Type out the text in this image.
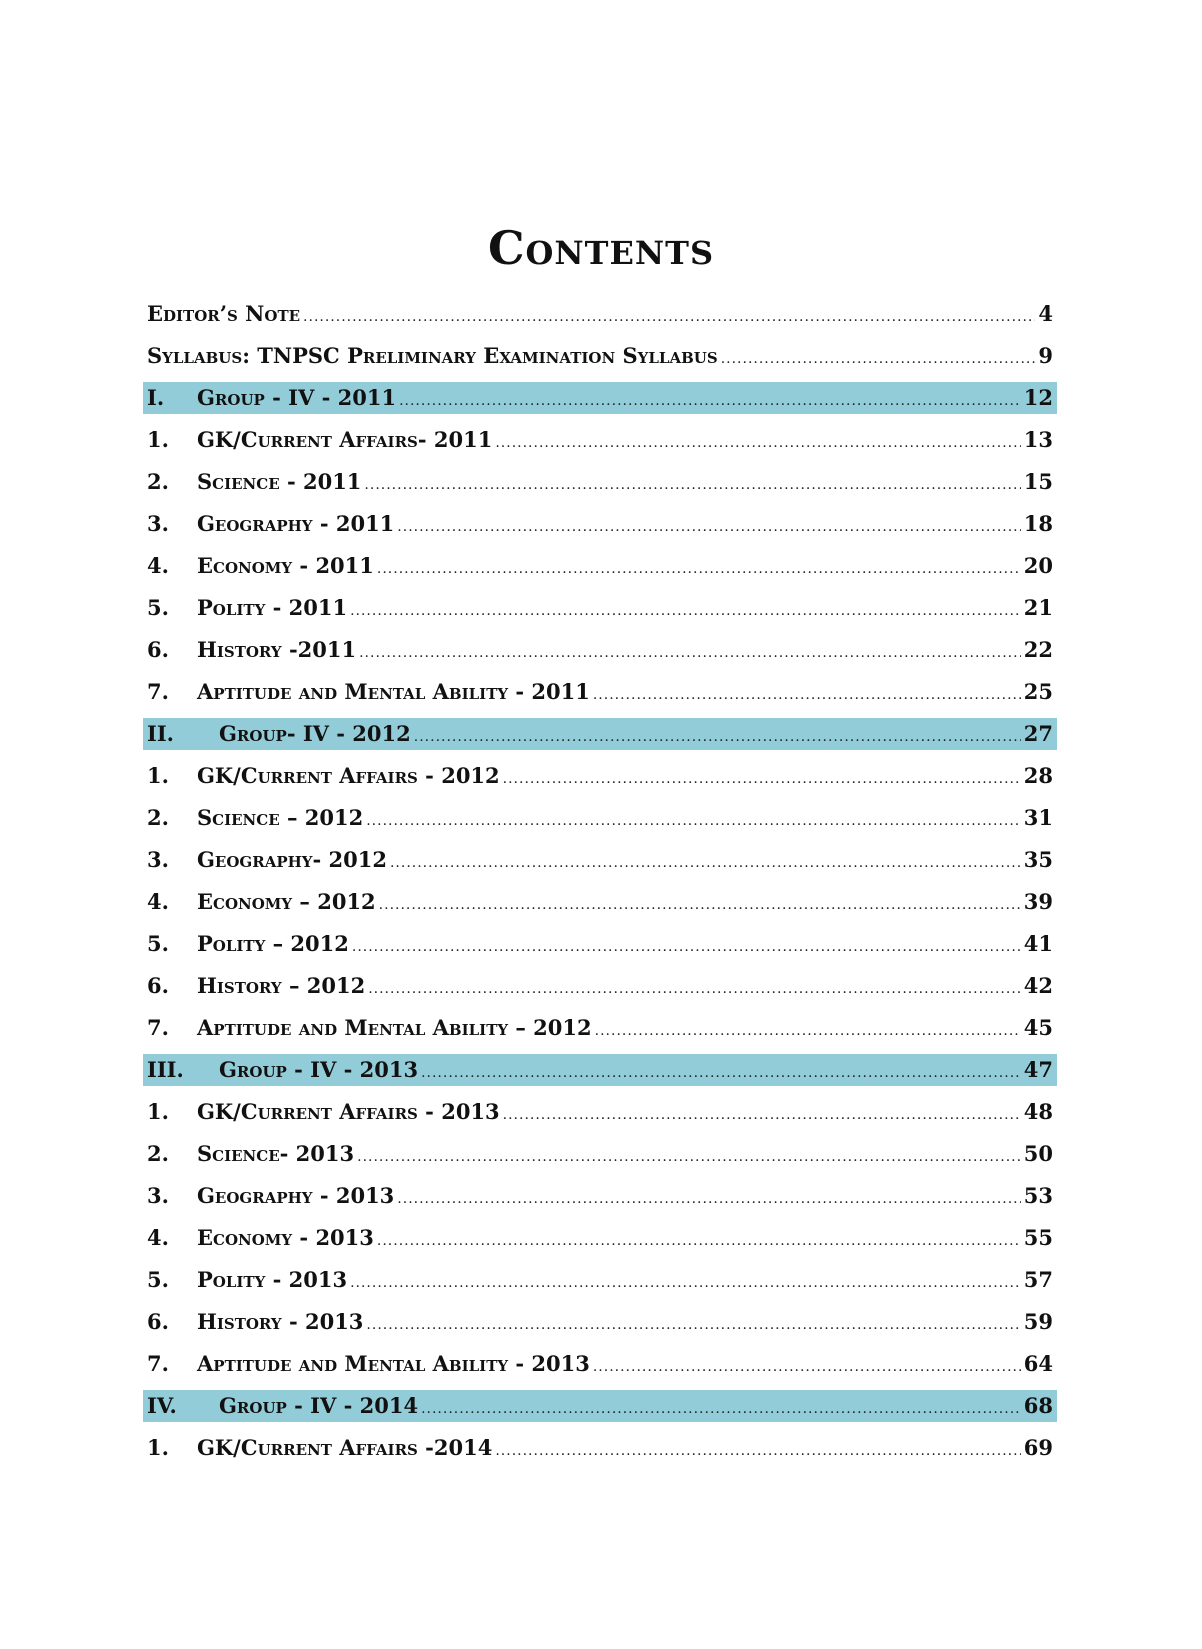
Contents
Editor’s Note .....	4
Syllabus: TNPSC Preliminary Examination Syllabus .....	9
I.	Group - IV - 2011 .....	12
1.	GK/Current Affairs- 2011 .....	13
2.	Science - 2011 .....	15
3.	Geography - 2011 .....	18
4.	Economy - 2011 .....	20
5.	Polity - 2011 .....	21
6.	History -2011 .....	22
7.	Aptitude and Mental Ability - 2011 .....	25
II.	Group- IV - 2012 .....	27
1.	GK/Current Affairs - 2012 .....	28
2.	Science – 2012 .....	31
3.	Geography- 2012 .....	35
4.	Economy – 2012 .....	39
5.	Polity – 2012 .....	41
6.	History – 2012 .....	42
7.	Aptitude and Mental Ability – 2012 .....	45
III.	Group - IV - 2013 .....	47
1.	GK/Current Affairs - 2013 .....	48
2.	Science- 2013 .....	50
3.	Geography - 2013 .....	53
4.	Economy - 2013 .....	55
5.	Polity - 2013 .....	57
6.	History - 2013 .....	59
7.	Aptitude and Mental Ability - 2013 .....	64
IV.	Group - IV - 2014 .....	68
1.	GK/Current Affairs -2014 .....	69
